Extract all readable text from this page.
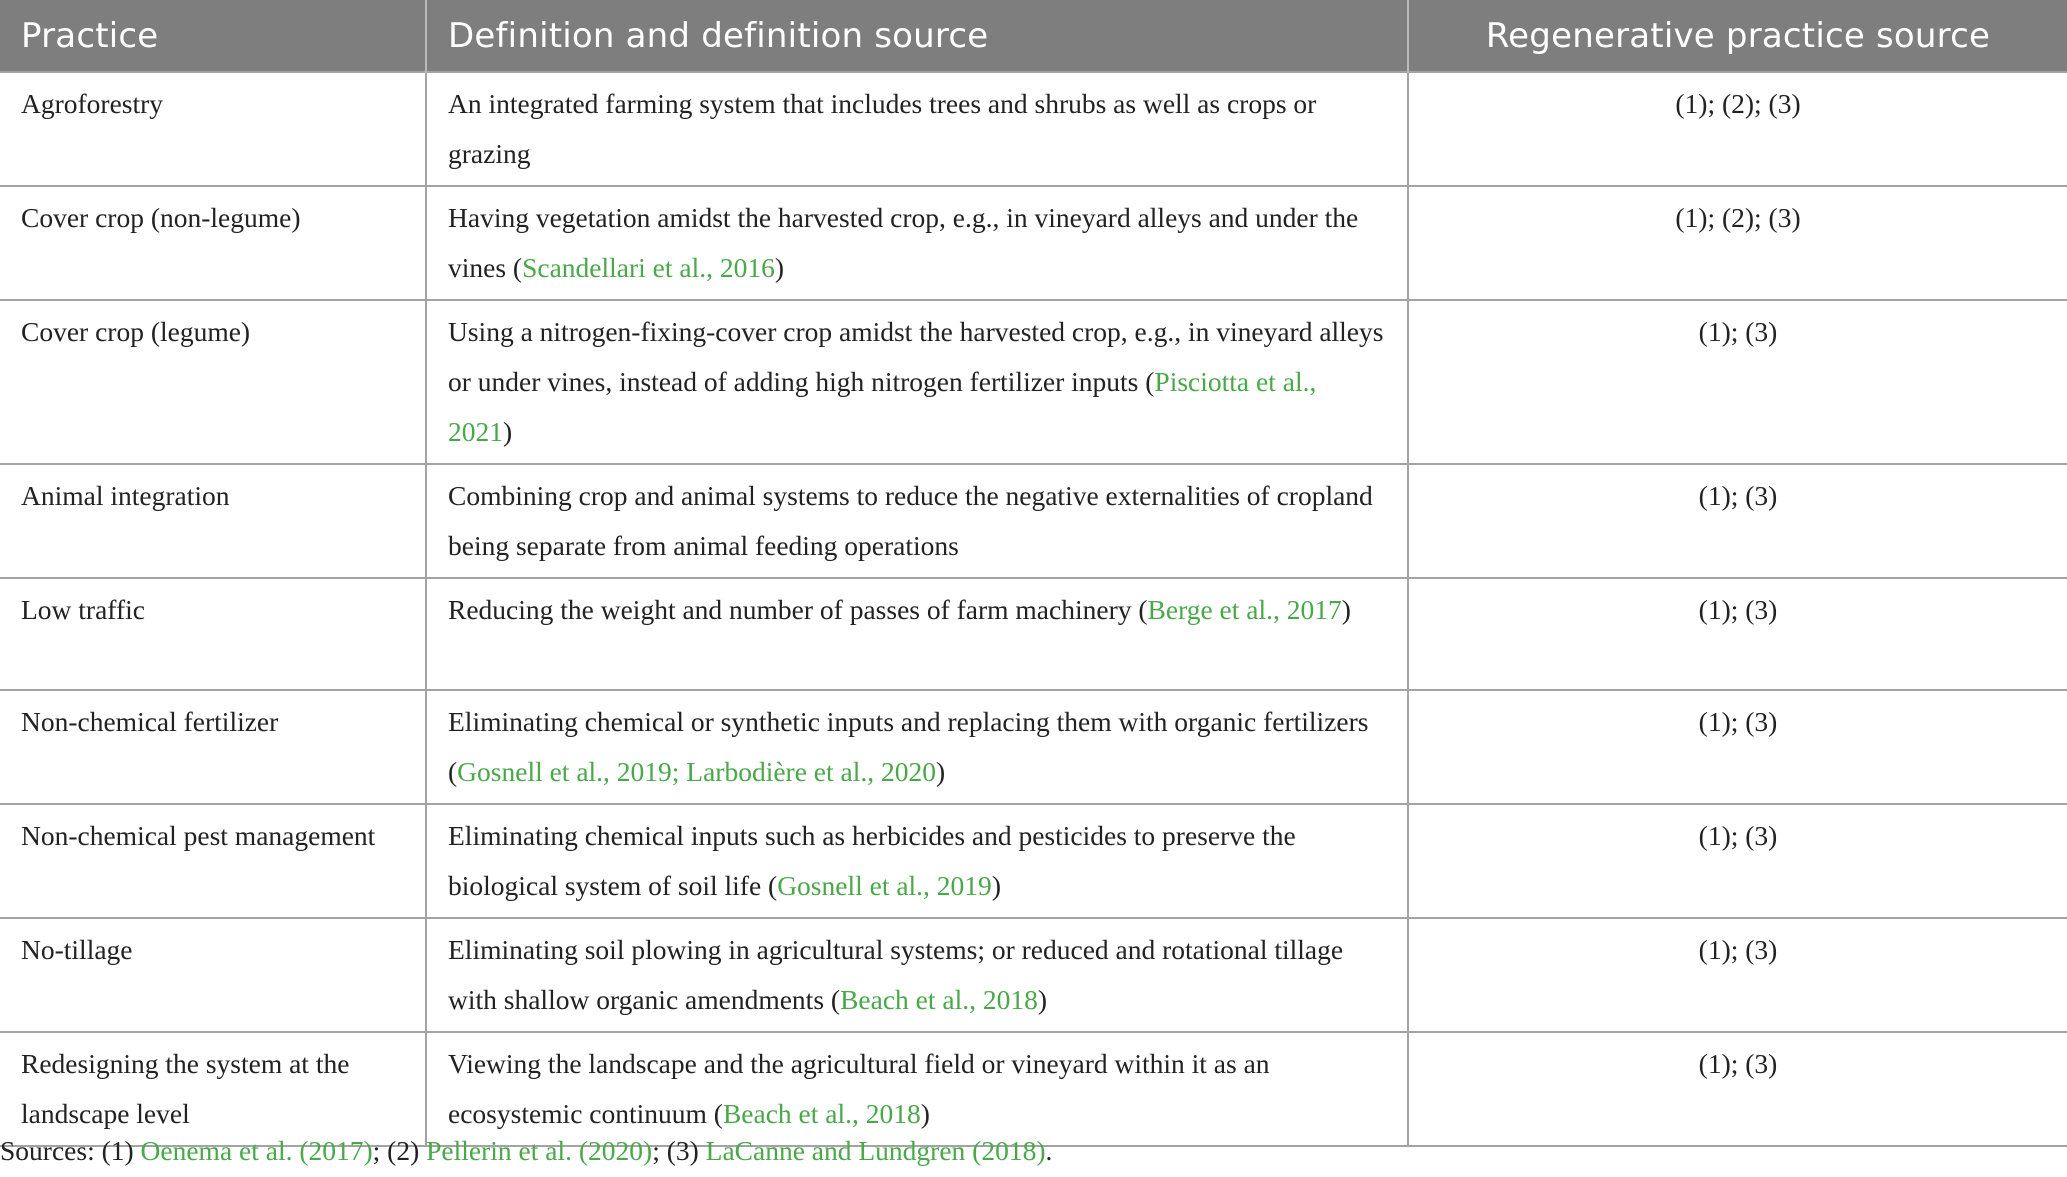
Practice	Definition and definition source	Regenerative practice source
Agroforestry	An integrated farming system that includes trees and shrubs as well as crops or grazing	(1); (2); (3)
Cover crop (non-legume)	Having vegetation amidst the harvested crop, e.g., in vineyard alleys and under the vines (Scandellari et al., 2016)	(1); (2); (3)
Cover crop (legume)	Using a nitrogen-fixing-cover crop amidst the harvested crop, e.g., in vineyard alleys or under vines, instead of adding high nitrogen fertilizer inputs (Pisciotta et al., 2021)	(1); (3)
Animal integration	Combining crop and animal systems to reduce the negative externalities of cropland being separate from animal feeding operations	(1); (3)
Low traffic	Reducing the weight and number of passes of farm machinery (Berge et al., 2017)	(1); (3)
Non-chemical fertilizer	Eliminating chemical or synthetic inputs and replacing them with organic fertilizers (Gosnell et al., 2019; Larbodière et al., 2020)	(1); (3)
Non-chemical pest management	Eliminating chemical inputs such as herbicides and pesticides to preserve the biological system of soil life (Gosnell et al., 2019)	(1); (3)
No-tillage	Eliminating soil plowing in agricultural systems; or reduced and rotational tillage with shallow organic amendments (Beach et al., 2018)	(1); (3)
Redesigning the system at the landscape level	Viewing the landscape and the agricultural field or vineyard within it as an ecosystemic continuum (Beach et al., 2018)	(1); (3)
Sources: (1) Oenema et al. (2017); (2) Pellerin et al. (2020); (3) LaCanne and Lundgren (2018).
